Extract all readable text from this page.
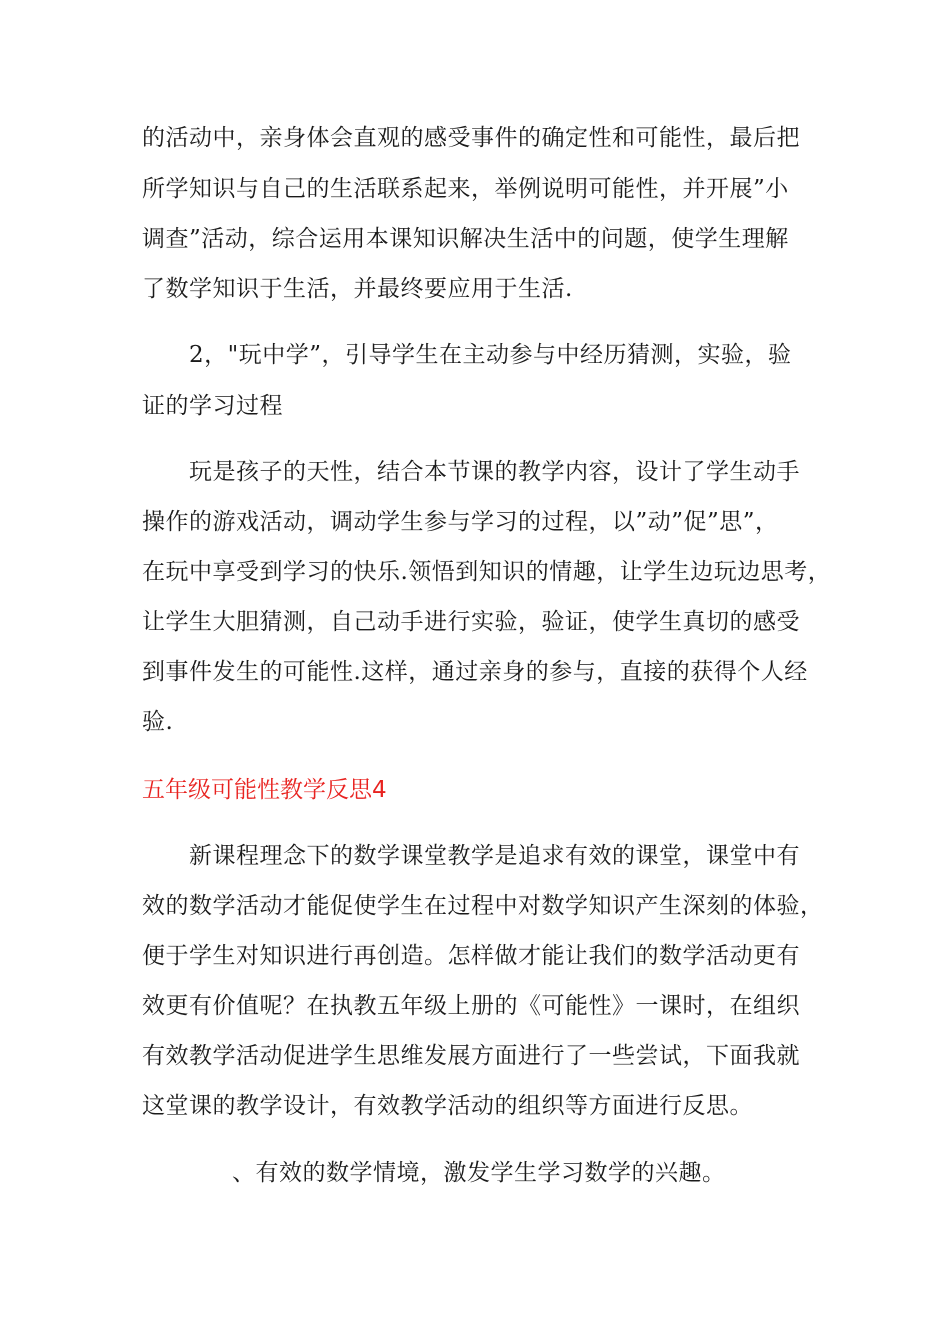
的活动中，亲身体会直观的感受事件的确定性和可能性，最后把
所学知识与自己的生活联系起来，举例说明可能性，并开展”小
调查”活动，综合运用本课知识解决生活中的问题，使学生理解
了数学知识于生活，并最终要应用于生活.
2，"玩中学”，引导学生在主动参与中经历猜测，实验，验
证的学习过程
玩是孩子的天性，结合本节课的教学内容，设计了学生动手
操作的游戏活动，调动学生参与学习的过程，以”动”促”思”，
在玩中享受到学习的快乐.领悟到知识的情趣，让学生边玩边思考，
让学生大胆猜测，自己动手进行实验，验证，使学生真切的感受
到事件发生的可能性.这样，通过亲身的参与，直接的获得个人经
验.
五年级可能性教学反思4
新课程理念下的数学课堂教学是追求有效的课堂，课堂中有
效的数学活动才能促使学生在过程中对数学知识产生深刻的体验，
便于学生对知识进行再创造。怎样做才能让我们的数学活动更有
效更有价值呢？在执教五年级上册的《可能性》一课时，在组织
有效教学活动促进学生思维发展方面进行了一些尝试，下面我就
这堂课的教学设计，有效教学活动的组织等方面进行反思。
、有效的数学情境，激发学生学习数学的兴趣。
